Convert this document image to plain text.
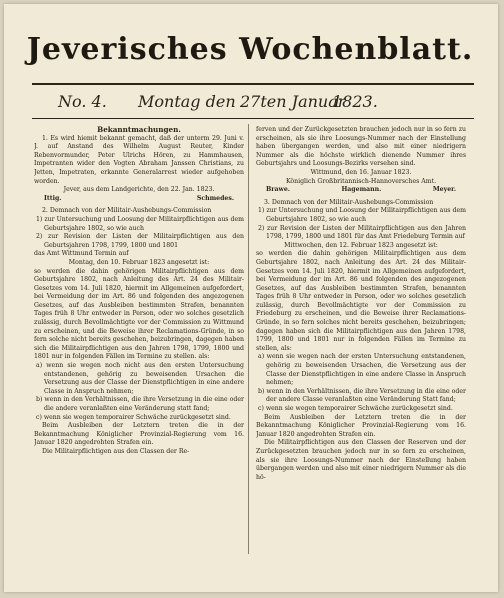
Jeverisches Wochenblatt.
No. 4. Montag den 27ten Januar
1823.

Bekanntmachungen.

1. Es wird hiemit bekannt gemacht, daß der unterm 29. Juni v. J. auf Anstand des Wilhelm August Reuter, Kinder Rebenvormunder, Peter Ulrichs Hören, zu Hammhausen, Impetranten wider den Vogten Abraham Janssen Christians, zu Jetten, Impetraten, erkannte Generalarrest wieder aufgehoben worden.

Jever, aus dem Landgerichte, den 22. Jan. 1823.

Ittig.	Schmedes.

2. Demnach von der Militair-Aushebungs-Commission

1) zur Untersuchung und Loosung der Militairpflichtigen aus dem Geburtsjahre 1802, so wie auch

2) zur Revision der Listen der Militairpflichtigen aus den Geburtsjahren 1798, 1799, 1800 und 1801

das Amt Wittmund Termin auf

Montag, den 10. Februar 1823 angesetzt ist:

so werden die dahin gehörigen Militairpflichtigen aus dem Geburtsjahre 1802, nach Anleitung des Art. 24 des Militair-Gesetzes vom 14. Juli 1820, hiermit im Allgemeinen aufgefordert, bei Vermeidung der im Art. 86 und folgenden des angezogenen Gesetzes, auf das Ausbleiben bestimmten Strafen, benannten Tages früh 8 Uhr entweder in Person, oder wo solches gesetzlich zulässig, durch Bevollmächtigte vor der Commission zu Wittmund zu erscheinen, und die Beweise ihrer Reclamations-Gründe, in so fern solche nicht bereits geschehen, beizubringen, dagegen haben sich die Militairpflichtigen aus den Jahren 1798, 1799, 1800 und 1801 nur in folgenden Fällen im Termine zu stellen. als:

a) wenn sie wegen noch nicht aus den ersten Untersuchung entstandenen, gehörig zu beweisenden Ursachen die Versetzung aus der Classe der Dienstpflichtigen in eine andere Classe in Anspruch nehmen;

b) wenn in den Verhältnissen, die ihre Versetzung in die eine oder die andere veranlaßten eine Veränderung statt fand;

c) wenn sie wegen temporairer Schwäche zurückgesetzt sind.

Beim Ausbleiben der Letztern treten die in der Bekanntmachung Königlicher Provinzial-Regierung vom 16. Januar 1820 angedrohten Strafen ein.

Die Militairpflichtigen aus den Classen der Re-

ferven und der Zurückgesetzten brauchen jedoch nur in so fern zu erscheinen, als sie ihre Loosungs-Nummer nach der Einstellung haben übergangen werden, und also mit einer niedrigern Nummer als die höchste wirklich dienende Nummer ihres Geburtsjahrs und Loosungs-Bezirks versehen sind.

Wittmund, den 16. Januar 1823.

Königlich Großbritannisch-Hannoversches Amt.

Brawe.	Hagemann.	Meyer.

3. Demnach von der Militair-Aushebungs-Commission

1) zur Untersuchung und Loosung der Militairpflichtigen aus dem Geburtsjahre 1802, so wie auch

2) zur Revision der Listen der Militairpflichtigen aus den Jahren 1798, 1799, 1800 und 1801 für das Amt Friedeburg Termin auf

Mittwochen, den 12. Februar 1823 angesetzt ist:

so werden die dahin gehörigen Militairpflichtigen aus dem Geburtsjahre 1802, nach Anleitung des Art. 24 des Militair-Gesetzes vom 14. Juli 1820, hiermit im Allgemeinen aufgefordert, bei Vermeidung der im Art. 86 und folgenden des angezogenen Gesetzes, auf das Ausbleiben bestimmten Strafen, benannten Tages früh 8 Uhr entweder in Person, oder wo solches gesetzlich zulässig, durch Bevollmächtigte vor der Commission zu Friedeburg zu erscheinen, und die Beweise ihrer Reclamations-Gründe, in so fern solches nicht bereits geschehen, beizubringen; dagegen haben sich die Militairpflichtigen aus den Jahren 1798, 1799, 1800 und 1801 nur in folgenden Fällen im Termine zu stellen, als:

a) wenn sie wegen nach der ersten Untersuchung entstandenen, gehörig zu beweisenden Ursachen, die Versetzung aus der Classe der Dienstpflichtigen in eine andere Classe in Anspruch nehmen;

b) wenn in den Verhältnissen, die ihre Versetzung in die eine oder der andere Classe veranlaßten eine Veränderung Statt fand;

c) wenn sie wegen temporairer Schwäche zurückgesetzt sind.

Beim Ausbleiben der Letztern treten die in der Bekanntmachung Königlicher Provinzial-Regierung vom 16. Januar 1820 angedrohten Strafen ein.

Die Militairpflichtigen aus den Classen der Reserven und der Zurückgesetzten brauchen jedoch nur in so fern zu erscheinen, als sie ihre Loosungs-Nummer nach der Einstellung haben übergangen werden und also mit einer niedrigern Nummer als die hö-
